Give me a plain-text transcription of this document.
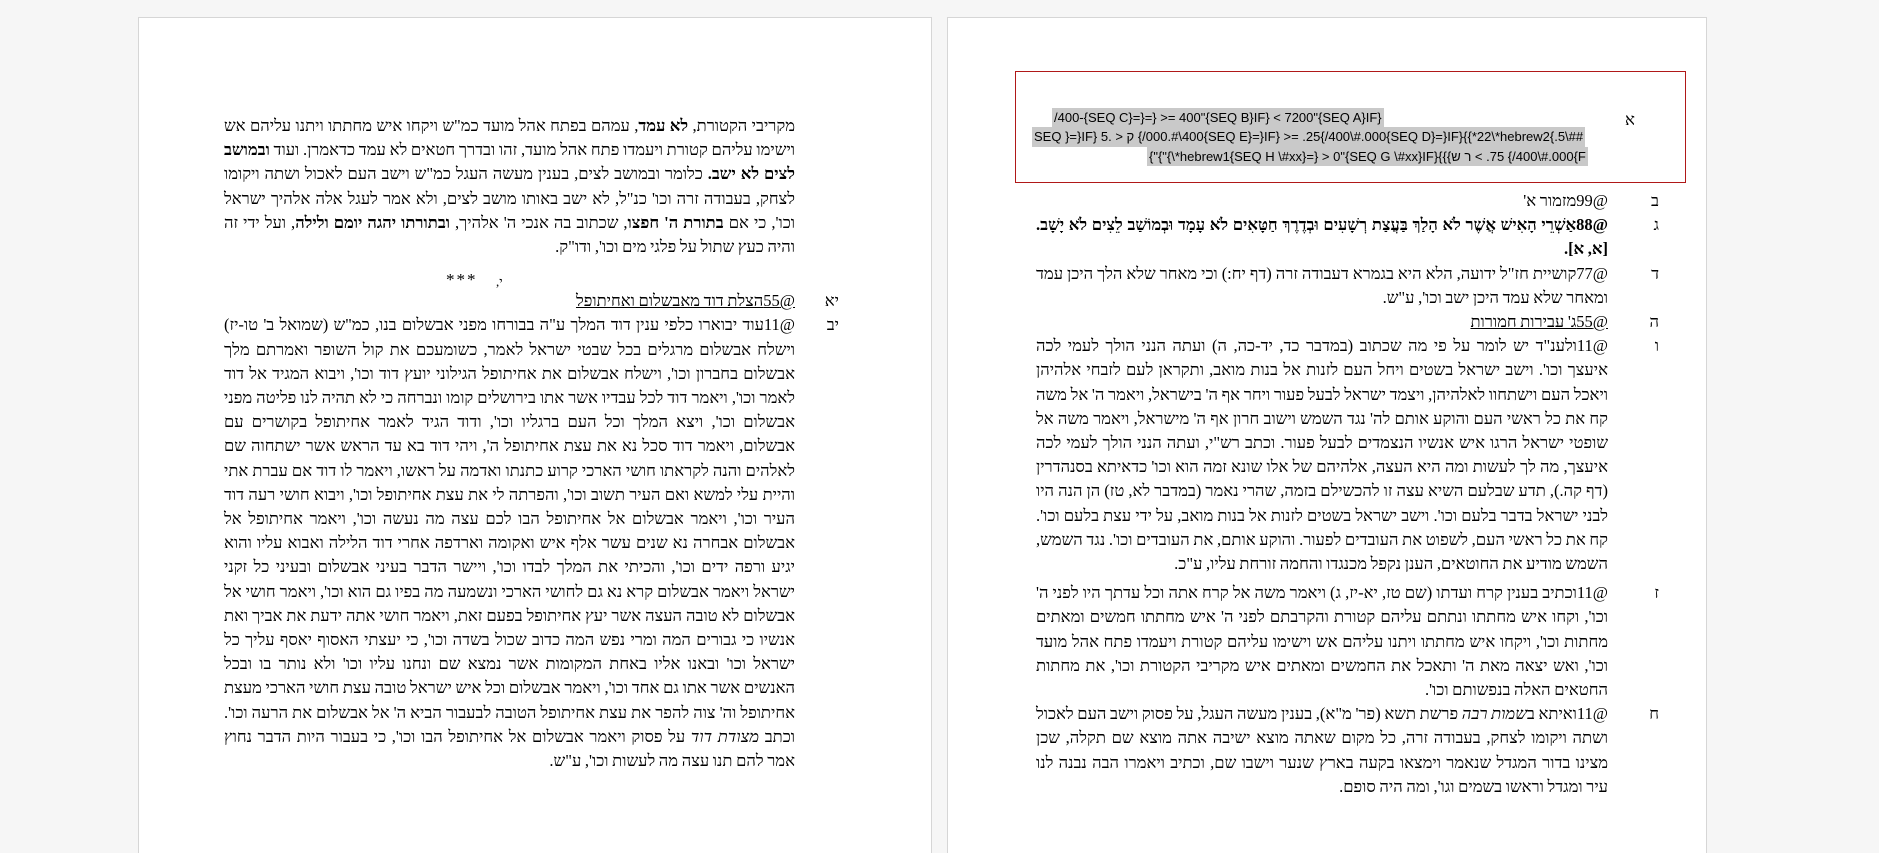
מקריבי הקטורת, לא עמד, עמהם בפתח אהל מועד כמ"ש ויקחו איש מחתתו ויתנו עליהם אש וישימו עליהם קטורת ויעמדו פתח אהל מועד, זהו ובדרך חטאים לא עמד כדאמרן. ועוד ובמושב לצים לא ישב. כלומר ובמושב לצים, בענין מעשה העגל כמ"ש וישב העם לאכול ושתה ויקומו לצחק, בעבודה זרה וכו' כנ"ל, לא ישב באותו מושב לצים, ולא אמר לעגל אלה אלהיך ישראל וכו', כי אם בתורת ה' חפצו, שכתוב בה אנכי ה' אלהיך, ובתורתו יהגה יומם ולילה, ועל ידי זה והיה כעץ שתול על פלגי מים וכו', ודו"ק.
*** י,
יא
@55הצלת דוד מאבשלום ואחיתופל
יב
@11עוד יבוארו כלפי ענין דוד המלך ע"ה בבורחו מפני אבשלום בנו, כמ"ש (שמואל ב' טו-יז) וישלח אבשלום מרגלים בכל שבטי ישראל לאמר, כשומעכם את קול השופר ואמרתם מלך אבשלום בחברון וכו', וישלח אבשלום את אחיתופל הגילוני יועץ דוד וכו', ויבוא המגיד אל דוד לאמר וכו', ויאמר דוד לכל עבדיו אשר אתו בירושלים קומו ונברחה כי לא תהיה לנו פליטה מפני אבשלום וכו', ויצא המלך וכל העם ברגליו וכו', ודוד הגיד לאמר אחיתופל בקושרים עם אבשלום, ויאמר דוד סכל נא את עצת אחיתופל ה', ויהי דוד בא עד הראש אשר ישתחוה שם לאלהים והנה לקראתו חושי הארכי קרוע כתנתו ואדמה על ראשו, ויאמר לו דוד אם עברת אתי והיית עלי למשא ואם העיר תשוב וכו', והפרתה לי את עצת אחיתופל וכו', ויבוא חושי רעה דוד העיר וכו', ויאמר אבשלום אל אחיתופל הבו לכם עצה מה נעשה וכו', ויאמר אחיתופל אל אבשלום אבחרה נא שנים עשר אלף איש ואקומה וארדפה אחרי דוד הלילה ואבוא עליו והוא יגיע ורפה ידים וכו', והכיתי את המלך לבדו וכו', ויישר הדבר בעיני אבשלום ובעיני כל זקני ישראל ויאמר אבשלום קרא נא גם לחושי הארכי ונשמעה מה בפיו גם הוא וכו', ויאמר חושי אל אבשלום לא טובה העצה אשר יעץ אחיתופל בפעם זאת, ויאמר חושי אתה ידעת את אביך ואת אנשיו כי גבורים המה ומרי נפש המה כדוב שכול בשדה וכו', כי יעצתי האסוף יאסף עליך כל ישראל וכו' ובאנו אליו באחת המקומות אשר נמצא שם ונחנו עליו וכו' ולא נותר בו ובכל האנשים אשר אתו גם אחד וכו', ויאמר אבשלום וכל איש ישראל טובה עצת חושי הארכי מעצת אחיתופל וה' צוה להפר את עצת אחיתופל הטובה לבעבור הביא ה' אל אבשלום את הרעה וכו'. וכתב מצודת דוד על פסוק ויאמר אבשלום אל אחיתופל הבו וכו', כי בעבור היות הדבר נחוץ אמר להם תנו עצה מה לעשות וכו', ע"ש.
/400-{SEQ C}=}=} >= 400"{SEQ B}IF} < 7200"{SEQ A}IF}
SEQ }=}IF} ק < .5 {/400\#.000{SEQ E}=}IF} >= .25{/400\#.000{SEQ D}=}IF}{{*22\*hebrew2{.5\##
{"{"{\*hebrew1{SEQ H \#xx}=} > 0"{SEQ G \#xx}IF}{{{ש‎ ר‎ < .75 {/400\#.000{F
א
ב
@99מזמור א'
ג
@88אַשְׁרֵי הָאִישׁ אֲשֶׁר לֹא הָלַךְ בַּעֲצַת רְשָׁעִים וּבְדֶרֶךְ חַטָּאִים לֹא עָמָד וּבְמוֹשַׁב לֵצִים לֹא יָשָׁב. [א, א].
ד
@77קושיית חז"ל ידועה, הלא היא בגמרא דעבודה זרה (דף יח:) וכי מאחר שלא הלך היכן עמד ומאחר שלא עמד היכן ישב וכו', ע"ש.
ה
@55ג' עבירות חמורות
ו
@11ולענ"ד יש לומר על פי מה שכתוב (במדבר כד, יד-כה, ה) ועתה הנני הולך לעמי לכה איעצך וכו'. וישב ישראל בשטים ויחל העם לזנות אל בנות מואב, ותקראן לעם לזבחי אלהיהן ויאכל העם וישתחוו לאלהיהן, ויצמד ישראל לבעל פעור ויחר אף ה' בישראל, ויאמר ה' אל משה קח את כל ראשי העם והוקע אותם לה' נגד השמש וישוב חרון אף ה' מישראל, ויאמר משה אל שופטי ישראל הרגו איש אנשיו הנצמדים לבעל פעור. וכתב רש"י, ועתה הנני הולך לעמי לכה איעצך, מה לך לעשות ומה היא העצה, אלהיהם של אלו שונא זמה הוא וכו' כדאיתא בסנהדרין (דף קה.), תדע שבלעם השיא עצה זו להכשילם בזמה, שהרי נאמר (במדבר לא, טז) הן הנה היו לבני ישראל בדבר בלעם וכו'. וישב ישראל בשטים לזנות אל בנות מואב, על ידי עצת בלעם וכו'. קח את כל ראשי העם, לשפוט את העובדים לפעור. והוקע אותם, את העובדים וכו'. נגד השמש, השמש מודיע את החוטאים, הענן נקפל מכנגדו והחמה זורחת עליו, ע"כ.
ז
@11וכתיב בענין קרח ועדתו (שם טז, יא-יז, ג) ויאמר משה אל קרח אתה וכל עדתך היו לפני ה' וכו', וקחו איש מחתתו ונתתם עליהם קטורת והקרבתם לפני ה' איש מחתתו חמשים ומאתים מחתות וכו', ויקחו איש מחתתו ויתנו עליהם אש וישימו עליהם קטורת ויעמדו פתח אהל מועד וכו', ואש יצאה מאת ה' ותאכל את החמשים ומאתים איש מקריבי הקטורת וכו', את מחתות החטאים האלה בנפשותם וכו'.
ח
@11ואיתא בשמות רבה פרשת תשא (פר' מ"א), בענין מעשה העגל, על פסוק וישב העם לאכול ושתה ויקומו לצחק, בעבודה זרה, כל מקום שאתה מוצא ישיבה אתה מוצא שם תקלה, שכן מצינו בדור המגדל שנאמר וימצאו בקעה בארץ שנער וישבו שם, וכתיב ויאמרו הבה נבנה לנו עיר ומגדל וראשו בשמים וגו', ומה היה סופם.
